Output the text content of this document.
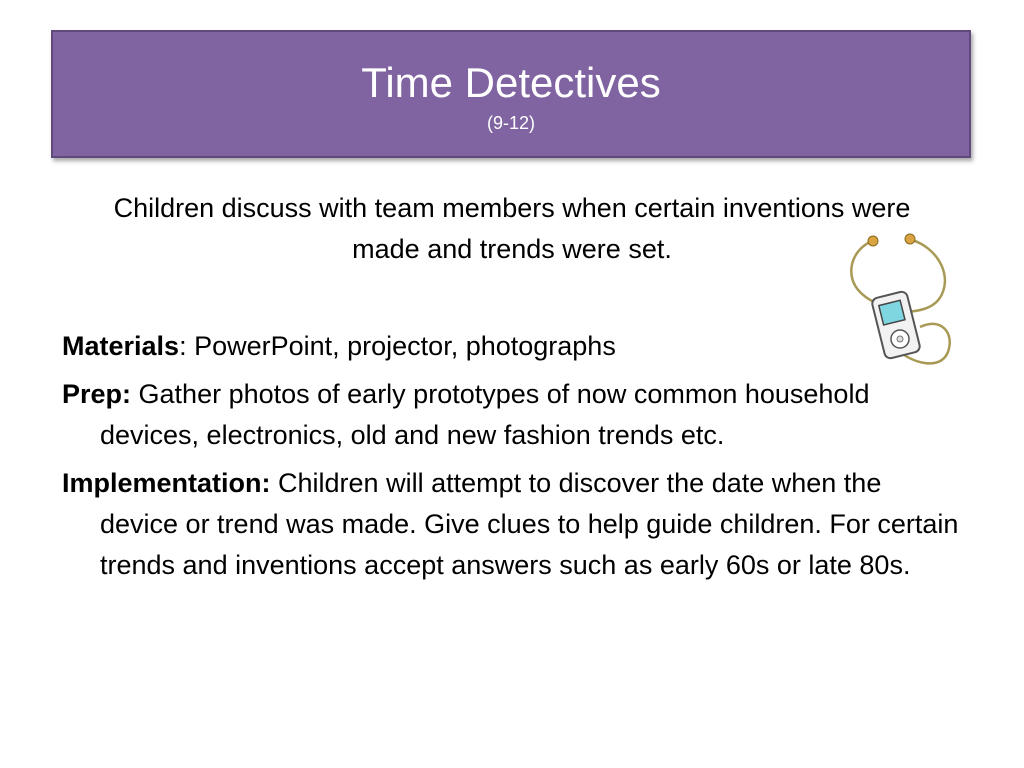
Time Detectives
(9-12)
Children discuss with team members when certain inventions were made and trends were set.
Materials: PowerPoint, projector, photographs
Prep: Gather photos of early prototypes of now common household devices, electronics, old and new fashion trends etc.
Implementation: Children will attempt to discover the date when the device or trend was made. Give clues to help guide children. For certain trends and inventions accept answers such as early 60s or late 80s.
